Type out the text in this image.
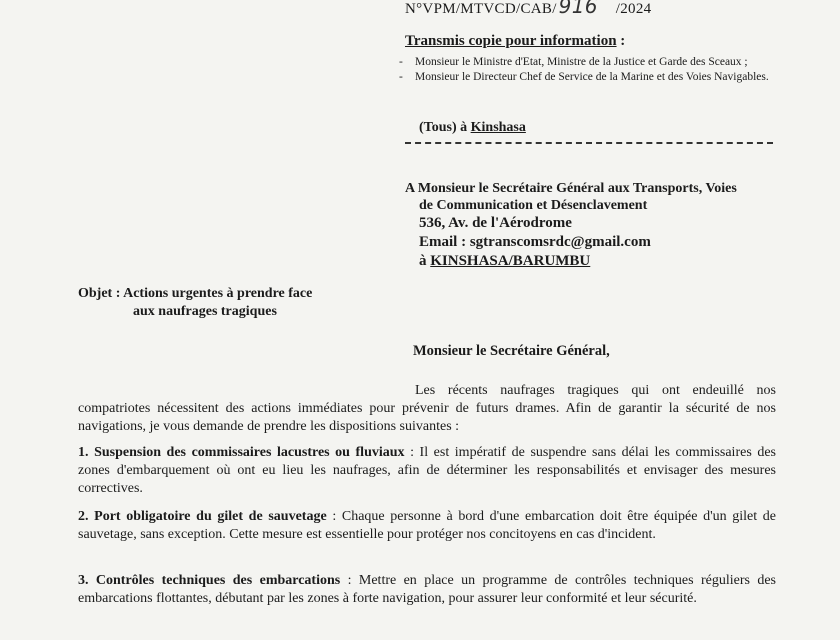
N°VPM/MTVCD/CAB/ 916 /2024
Transmis copie pour information :
- Monsieur le Ministre d'Etat, Ministre de la Justice et Garde des Sceaux ;
- Monsieur le Directeur Chef de Service de la Marine et des Voies Navigables.
(Tous) à Kinshasa
A Monsieur le Secrétaire Général aux Transports, Voies
de Communication et Désenclavement
536, Av. de l'Aérodrome
Email : sgtranscomsrdc@gmail.com
à KINSHASA/BARUMBU
Objet : Actions urgentes à prendre face
aux naufrages tragiques
Monsieur le Secrétaire Général,

Les récents naufrages tragiques qui ont endeuillé nos compatriotes nécessitent des actions immédiates pour prévenir de futurs drames. Afin de garantir la sécurité de nos navigations, je vous demande de prendre les dispositions suivantes :

1. Suspension des commissaires lacustres ou fluviaux : Il est impératif de suspendre sans délai les commissaires des zones d'embarquement où ont eu lieu les naufrages, afin de déterminer les responsabilités et envisager des mesures correctives.

2. Port obligatoire du gilet de sauvetage : Chaque personne à bord d'une embarcation doit être équipée d'un gilet de sauvetage, sans exception. Cette mesure est essentielle pour protéger nos concitoyens en cas d'incident.

3. Contrôles techniques des embarcations : Mettre en place un programme de contrôles techniques réguliers des embarcations flottantes, débutant par les zones à forte navigation, pour assurer leur conformité et leur sécurité.
